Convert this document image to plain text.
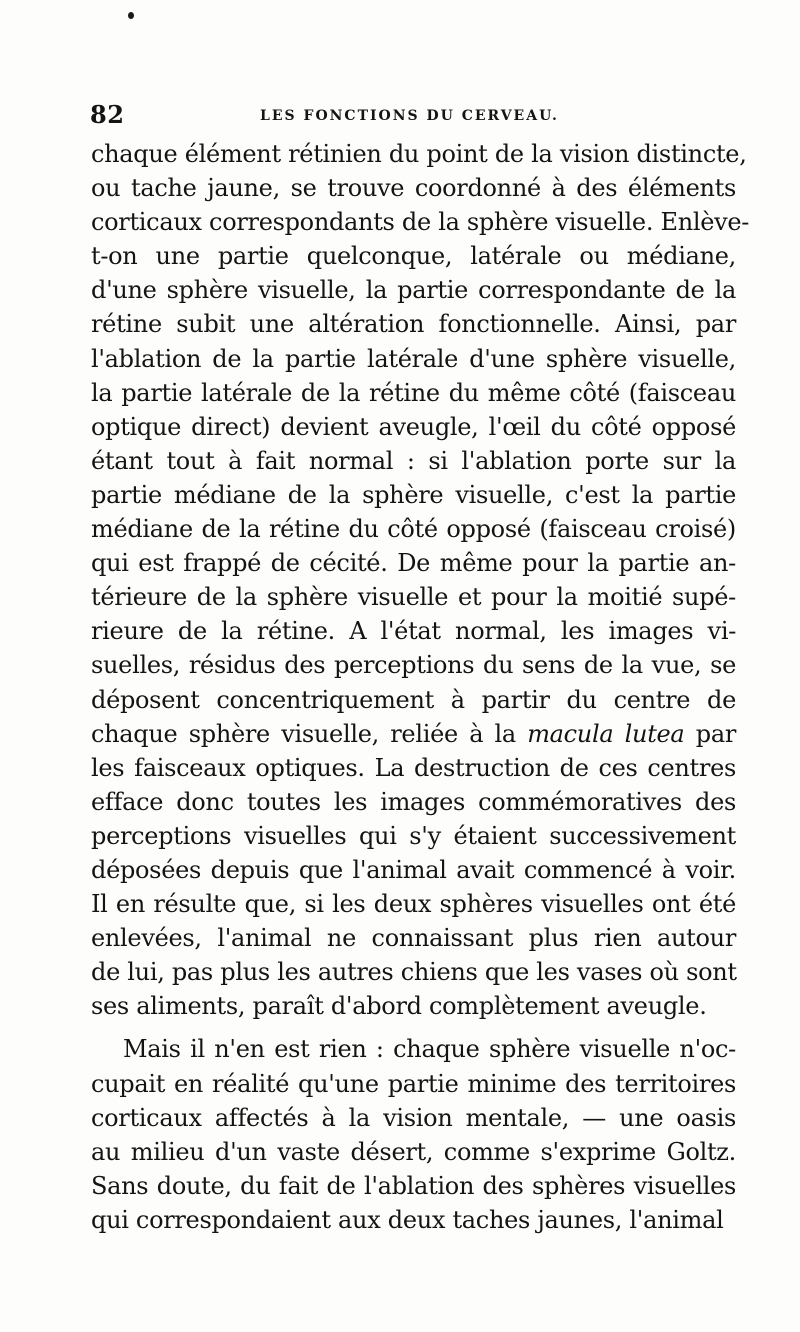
82	LES FONCTIONS DU CERVEAU.
chaque élément rétinien du point de la vision distincte,
ou tache jaune, se trouve coordonné à des éléments
corticaux correspondants de la sphère visuelle. Enlève-
t-on une partie quelconque, latérale ou médiane,
d'une sphère visuelle, la partie correspondante de la
rétine subit une altération fonctionnelle. Ainsi, par
l'ablation de la partie latérale d'une sphère visuelle,
la partie latérale de la rétine du même côté (faisceau
optique direct) devient aveugle, l'œil du côté opposé
étant tout à fait normal : si l'ablation porte sur la
partie médiane de la sphère visuelle, c'est la partie
médiane de la rétine du côté opposé (faisceau croisé)
qui est frappé de cécité. De même pour la partie an-
térieure de la sphère visuelle et pour la moitié supé-
rieure de la rétine. A l'état normal, les images vi-
suelles, résidus des perceptions du sens de la vue, se
déposent concentriquement à partir du centre de
chaque sphère visuelle, reliée à la macula lutea par
les faisceaux optiques. La destruction de ces centres
efface donc toutes les images commémoratives des
perceptions visuelles qui s'y étaient successivement
déposées depuis que l'animal avait commencé à voir.
Il en résulte que, si les deux sphères visuelles ont été
enlevées, l'animal ne connaissant plus rien autour
de lui, pas plus les autres chiens que les vases où sont
ses aliments, paraît d'abord complètement aveugle.
Mais il n'en est rien : chaque sphère visuelle n'oc-
cupait en réalité qu'une partie minime des territoires
corticaux affectés à la vision mentale, — une oasis
au milieu d'un vaste désert, comme s'exprime Goltz.
Sans doute, du fait de l'ablation des sphères visuelles
qui correspondaient aux deux taches jaunes, l'animal
